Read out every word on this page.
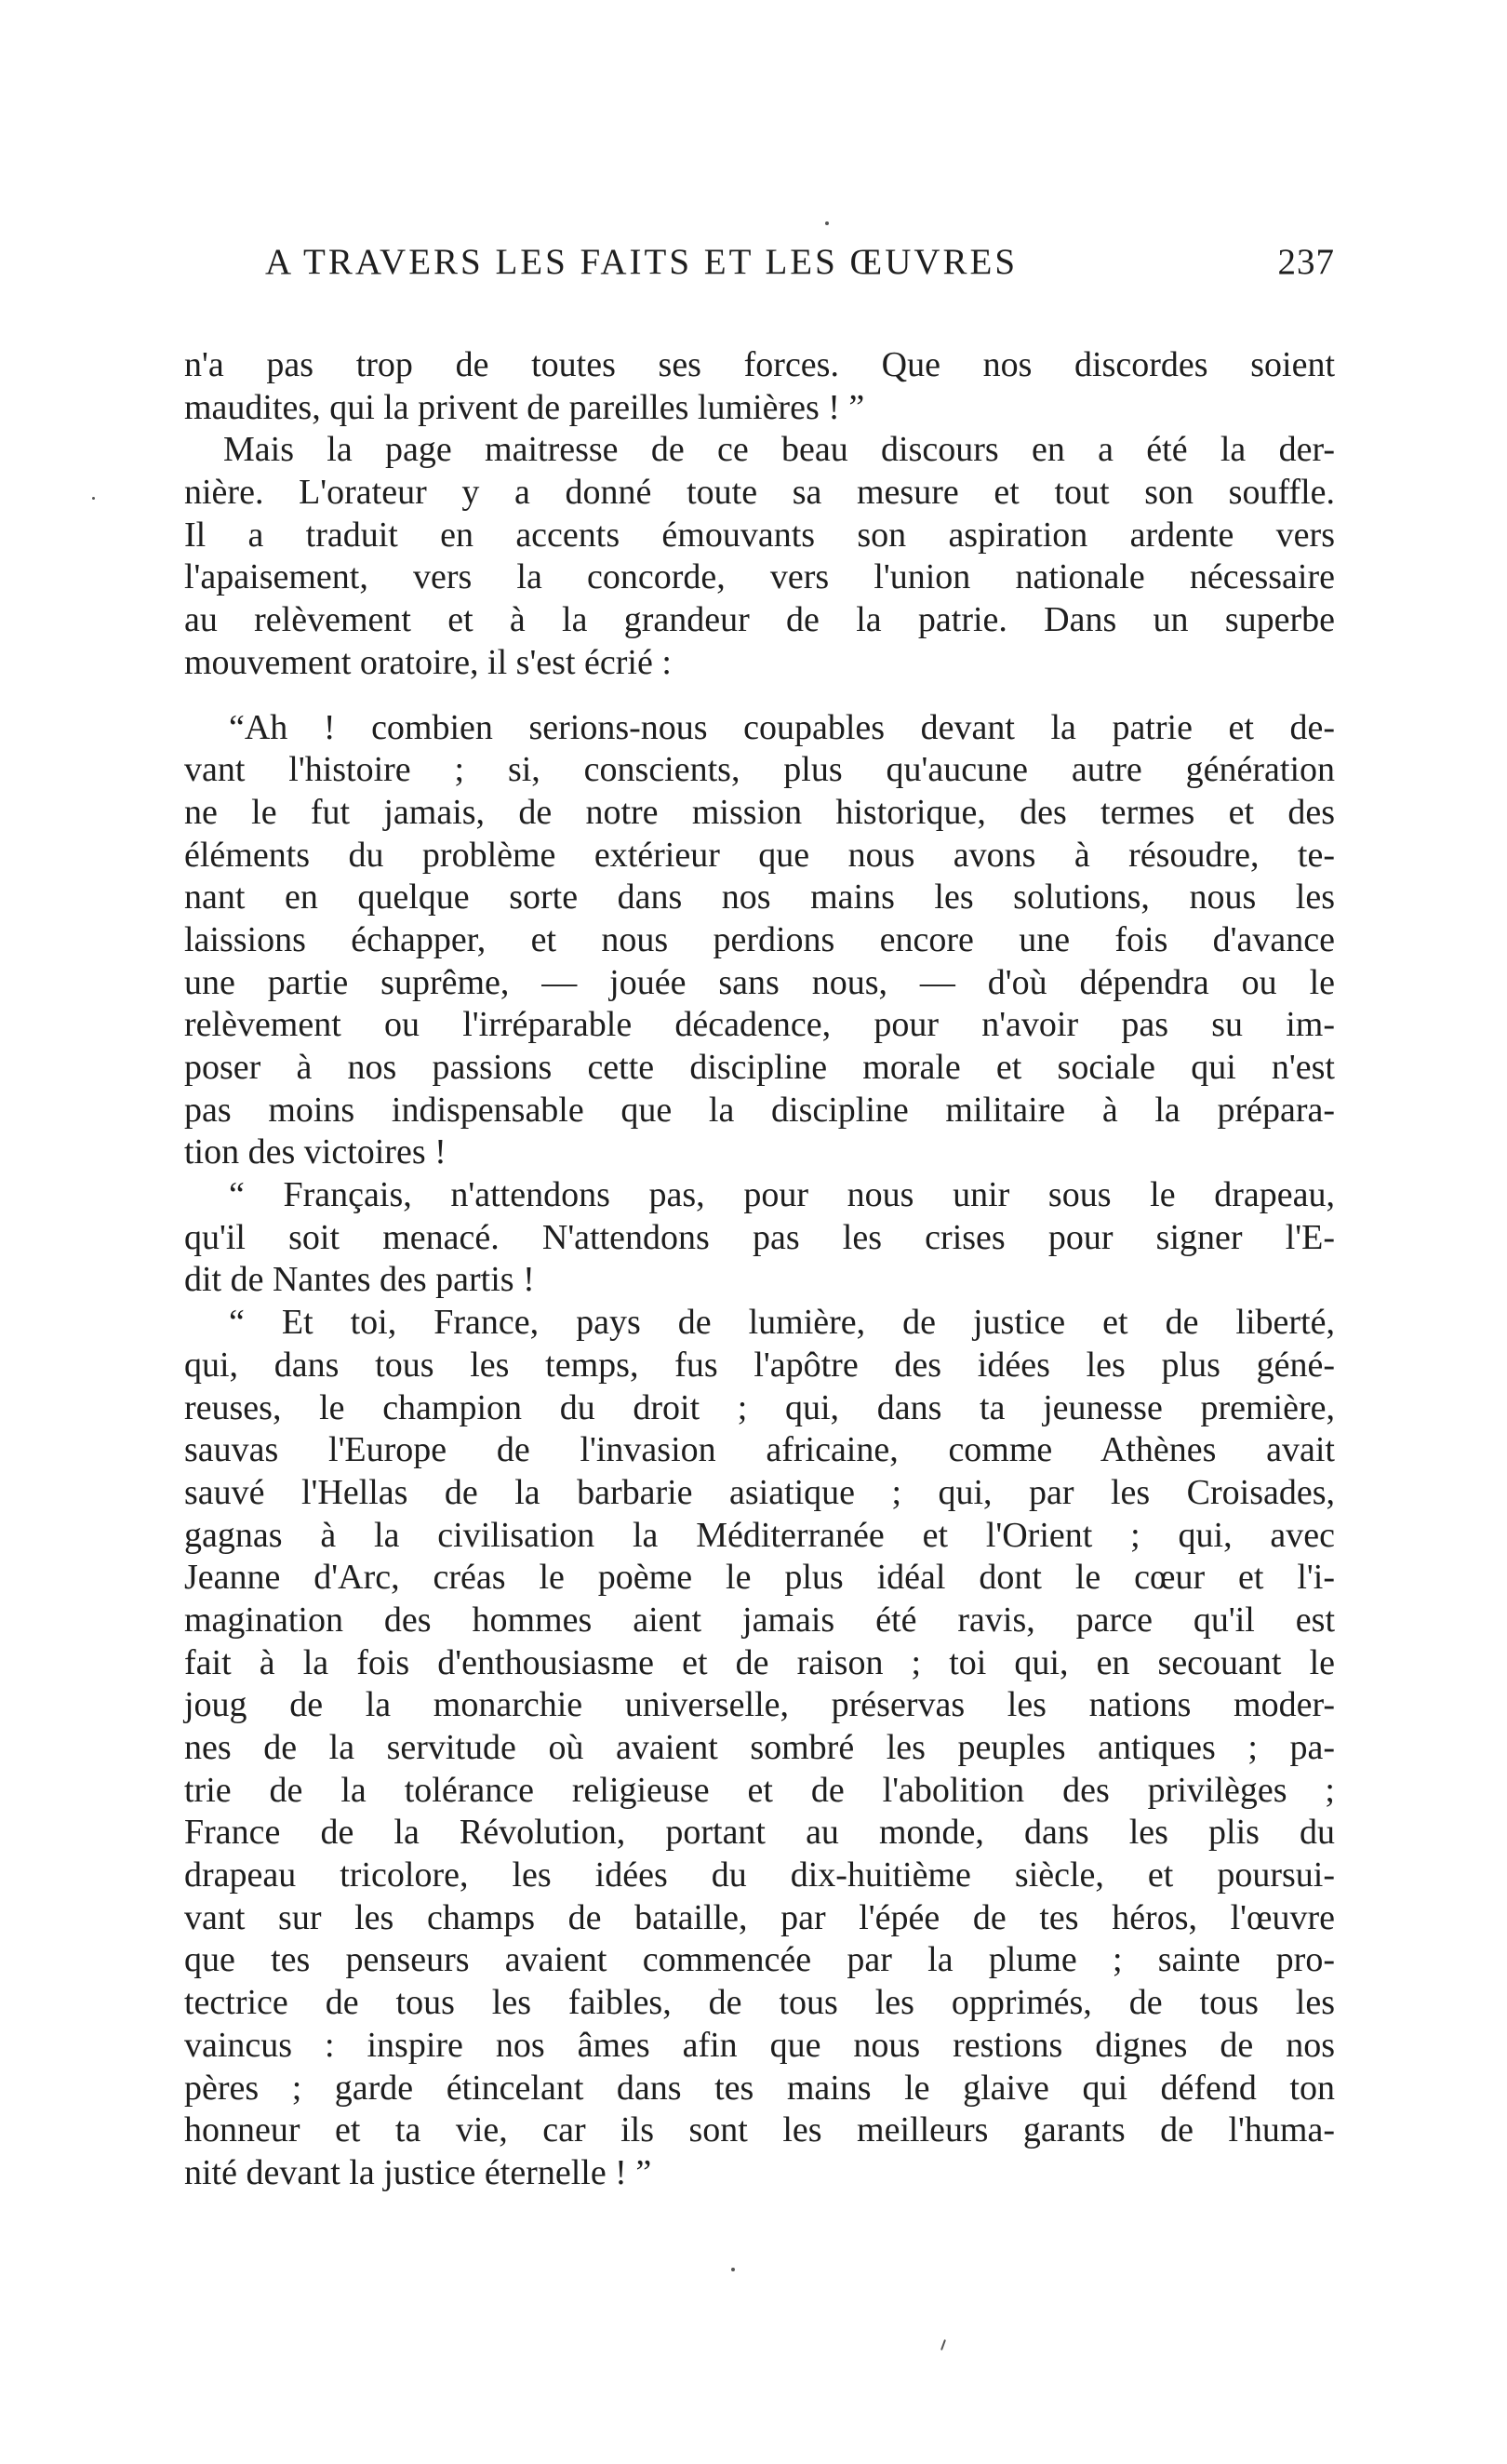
A TRAVERS LES FAITS ET LES ŒUVRES	237
n'a pas trop de toutes ses forces. Que nos discordes soient
maudites, qui la privent de pareilles lumières ! ”
Mais la page maitresse de ce beau discours en a été la der-
nière. L'orateur y a donné toute sa mesure et tout son souffle.
Il a traduit en accents émouvants son aspiration ardente vers
l'apaisement, vers la concorde, vers l'union nationale nécessaire
au relèvement et à la grandeur de la patrie. Dans un superbe
mouvement oratoire, il s'est écrié :
“Ah ! combien serions-nous coupables devant la patrie et de-
vant l'histoire ; si, conscients, plus qu'aucune autre génération
ne le fut jamais, de notre mission historique, des termes et des
éléments du problème extérieur que nous avons à résoudre, te-
nant en quelque sorte dans nos mains les solutions, nous les
laissions échapper, et nous perdions encore une fois d'avance
une partie suprême, — jouée sans nous, — d'où dépendra ou le
relèvement ou l'irréparable décadence, pour n'avoir pas su im-
poser à nos passions cette discipline morale et sociale qui n'est
pas moins indispensable que la discipline militaire à la prépara-
tion des victoires !
“ Français, n'attendons pas, pour nous unir sous le drapeau,
qu'il soit menacé. N'attendons pas les crises pour signer l'E-
dit de Nantes des partis !
“ Et toi, France, pays de lumière, de justice et de liberté,
qui, dans tous les temps, fus l'apôtre des idées les plus géné-
reuses, le champion du droit ; qui, dans ta jeunesse première,
sauvas l'Europe de l'invasion africaine, comme Athènes avait
sauvé l'Hellas de la barbarie asiatique ; qui, par les Croisades,
gagnas à la civilisation la Méditerranée et l'Orient ; qui, avec
Jeanne d'Arc, créas le poème le plus idéal dont le cœur et l'i-
magination des hommes aient jamais été ravis, parce qu'il est
fait à la fois d'enthousiasme et de raison ; toi qui, en secouant le
joug de la monarchie universelle, préservas les nations moder-
nes de la servitude où avaient sombré les peuples antiques ; pa-
trie de la tolérance religieuse et de l'abolition des privilèges ;
France de la Révolution, portant au monde, dans les plis du
drapeau tricolore, les idées du dix-huitième siècle, et poursui-
vant sur les champs de bataille, par l'épée de tes héros, l'œuvre
que tes penseurs avaient commencée par la plume ; sainte pro-
tectrice de tous les faibles, de tous les opprimés, de tous les
vaincus : inspire nos âmes afin que nous restions dignes de nos
pères ; garde étincelant dans tes mains le glaive qui défend ton
honneur et ta vie, car ils sont les meilleurs garants de l'huma-
nité devant la justice éternelle ! ”
